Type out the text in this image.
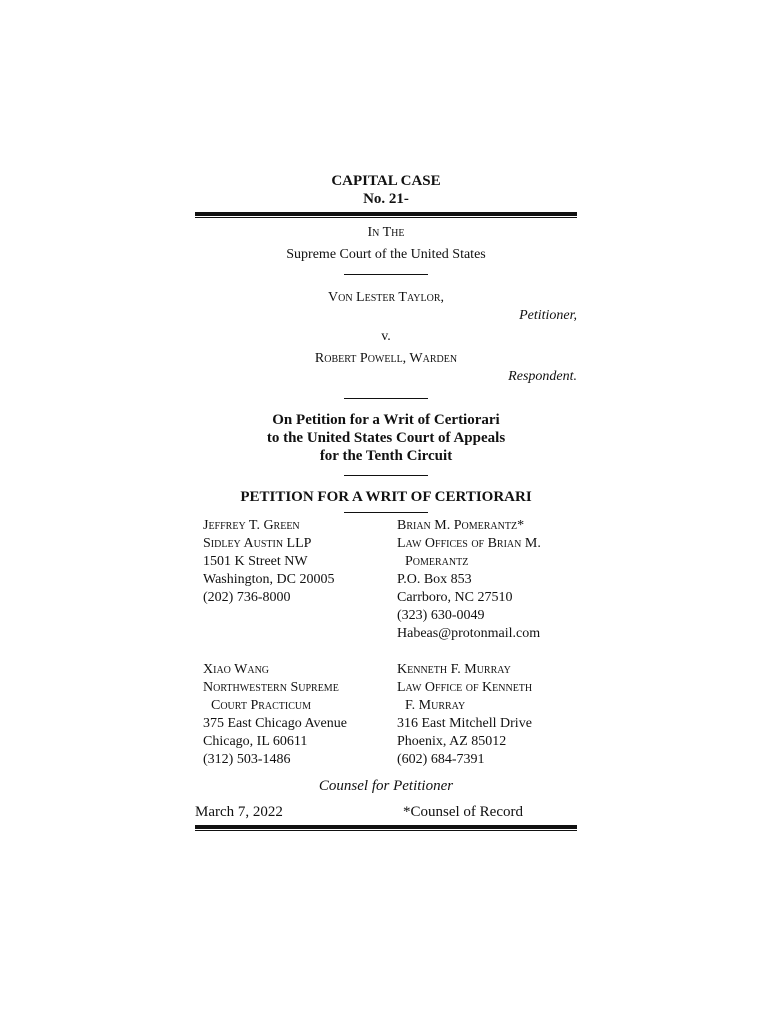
CAPITAL CASE
No. 21-
In The
Supreme Court of the United States
Von Lester Taylor,
Petitioner,
v.
Robert Powell, Warden
Respondent.
On Petition for a Writ of Certiorari
to the United States Court of Appeals
for the Tenth Circuit
PETITION FOR A WRIT OF CERTIORARI
Jeffrey T. Green
Sidley Austin LLP
1501 K Street NW
Washington, DC 20005
(202) 736-8000
Brian M. Pomerantz*
Law Offices of Brian M.
Pomerantz
P.O. Box 853
Carrboro, NC 27510
(323) 630-0049
Habeas@protonmail.com
Xiao Wang
Northwestern Supreme
Court Practicum
375 East Chicago Avenue
Chicago, IL 60611
(312) 503-1486
Kenneth F. Murray
Law Office of Kenneth
F. Murray
316 East Mitchell Drive
Phoenix, AZ 85012
(602) 684-7391
Counsel for Petitioner
March 7, 2022	*Counsel of Record
